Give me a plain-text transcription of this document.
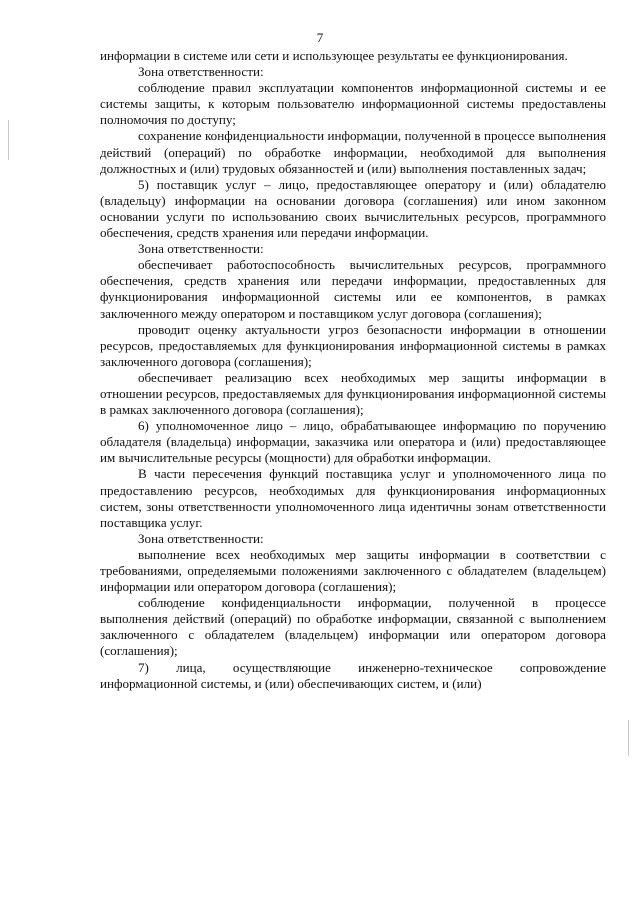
7

информации в системе или сети и использующее результаты ее функционирования.

Зона ответственности:

соблюдение правил эксплуатации компонентов информационной системы и ее системы защиты, к которым пользователю информационной системы предоставлены полномочия по доступу;

сохранение конфиденциальности информации, полученной в процессе выполнения действий (операций) по обработке информации, необходимой для выполнения должностных и (или) трудовых обязанностей и (или) выполнения поставленных задач;

5) поставщик услуг – лицо, предоставляющее оператору и (или) обладателю (владельцу) информации на основании договора (соглашения) или ином законном основании услуги по использованию своих вычислительных ресурсов, программного обеспечения, средств хранения или передачи информации.

Зона ответственности:

обеспечивает работоспособность вычислительных ресурсов, программного обеспечения, средств хранения или передачи информации, предоставленных для функционирования информационной системы или ее компонентов, в рамках заключенного между оператором и поставщиком услуг договора (соглашения);

проводит оценку актуальности угроз безопасности информации в отношении ресурсов, предоставляемых для функционирования информационной системы в рамках заключенного договора (соглашения);

обеспечивает реализацию всех необходимых мер защиты информации в отношении ресурсов, предоставляемых для функционирования информационной системы в рамках заключенного договора (соглашения);

6) уполномоченное лицо – лицо, обрабатывающее информацию по поручению обладателя (владельца) информации, заказчика или оператора и (или) предоставляющее им вычислительные ресурсы (мощности) для обработки информации.

В части пересечения функций поставщика услуг и уполномоченного лица по предоставлению ресурсов, необходимых для функционирования информационных систем, зоны ответственности уполномоченного лица идентичны зонам ответственности поставщика услуг.

Зона ответственности:

выполнение всех необходимых мер защиты информации в соответствии с требованиями, определяемыми положениями заключенного с обладателем (владельцем) информации или оператором договора (соглашения);

соблюдение конфиденциальности информации, полученной в процессе выполнения действий (операций) по обработке информации, связанной с выполнением заключенного с обладателем (владельцем) информации или оператором договора (соглашения);

7) лица, осуществляющие инженерно-техническое сопровождение информационной системы, и (или) обеспечивающих систем, и (или)
